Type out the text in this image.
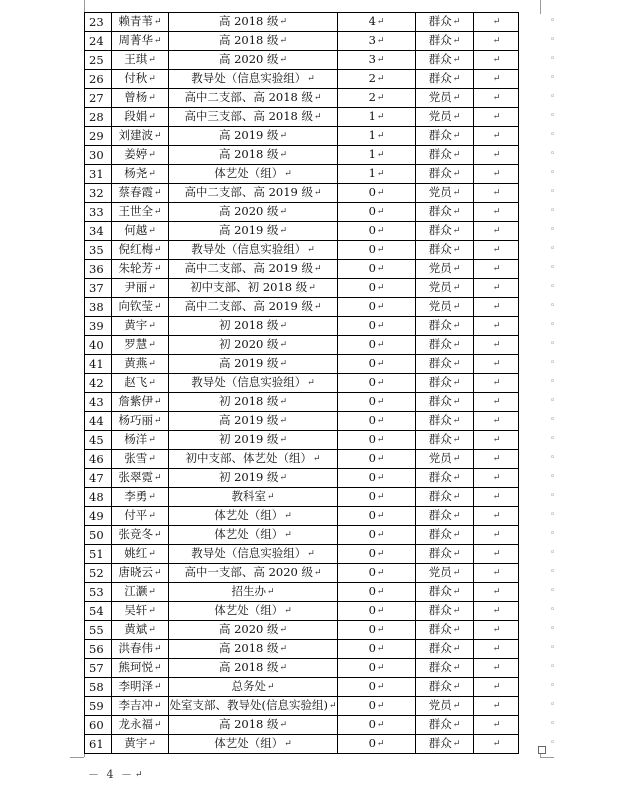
23	赖青苇↵	高 2018 级↵	4↵	群众↵	↵
24	周菁华↵	高 2018 级↵	3↵	群众↵	↵
25	王琪↵	高 2020 级↵	3↵	群众↵	↵
26	付秋↵	教导处（信息实验组）↵	2↵	群众↵	↵
27	曾杨↵	高中二支部、高 2018 级↵	2↵	党员↵	↵
28	段娟↵	高中三支部、高 2018 级↵	1↵	党员↵	↵
29	刘建波↵	高 2019 级↵	1↵	群众↵	↵
30	姜婷↵	高 2018 级↵	1↵	群众↵	↵
31	杨尧↵	体艺处（组）↵	1↵	群众↵	↵
32	蔡春霞↵	高中二支部、高 2019 级↵	0↵	党员↵	↵
33	王世全↵	高 2020 级↵	0↵	群众↵	↵
34	何越↵	高 2019 级↵	0↵	群众↵	↵
35	倪红梅↵	教导处（信息实验组）↵	0↵	群众↵	↵
36	朱轮芳↵	高中二支部、高 2019 级↵	0↵	党员↵	↵
37	尹丽↵	初中支部、初 2018 级↵	0↵	党员↵	↵
38	向钦莹↵	高中二支部、高 2019 级↵	0↵	党员↵	↵
39	黄宇↵	初 2018 级↵	0↵	群众↵	↵
40	罗慧↵	初 2020 级↵	0↵	群众↵	↵
41	黄燕↵	高 2019 级↵	0↵	群众↵	↵
42	赵飞↵	教导处（信息实验组）↵	0↵	群众↵	↵
43	詹紫伊↵	初 2018 级↵	0↵	群众↵	↵
44	杨巧丽↵	高 2019 级↵	0↵	群众↵	↵
45	杨洋↵	初 2019 级↵	0↵	群众↵	↵
46	张雪↵	初中支部、体艺处（组）↵	0↵	党员↵	↵
47	张翠霓↵	初 2019 级↵	0↵	群众↵	↵
48	李勇↵	教科室↵	0↵	群众↵	↵
49	付平↵	体艺处（组）↵	0↵	群众↵	↵
50	张竞冬↵	体艺处（组）↵	0↵	群众↵	↵
51	姚红↵	教导处（信息实验组）↵	0↵	群众↵	↵
52	唐晓云↵	高中一支部、高 2020 级↵	0↵	党员↵	↵
53	江灏↵	招生办↵	0↵	群众↵	↵
54	吴轩↵	体艺处（组）↵	0↵	群众↵	↵
55	黄斌↵	高 2020 级↵	0↵	群众↵	↵
56	洪春伟↵	高 2018 级↵	0↵	群众↵	↵
57	熊珂悦↵	高 2018 级↵	0↵	群众↵	↵
58	李明泽↵	总务处↵	0↵	群众↵	↵
59	李吉冲↵	处室支部、教导处(信息实验组)↵	0↵	党员↵	↵
60	龙永福↵	高 2018 级↵	0↵	群众↵	↵
61	黄宇↵	体艺处（组）↵	0↵	群众↵	↵
－ 4 －↵
◦
◦
◦
◦
◦
◦
◦
◦
◦
◦
◦
◦
◦
◦
◦
◦
◦
◦
◦
◦
◦
◦
◦
◦
◦
◦
◦
◦
◦
◦
◦
◦
◦
◦
◦
◦
◦
◦
◦
